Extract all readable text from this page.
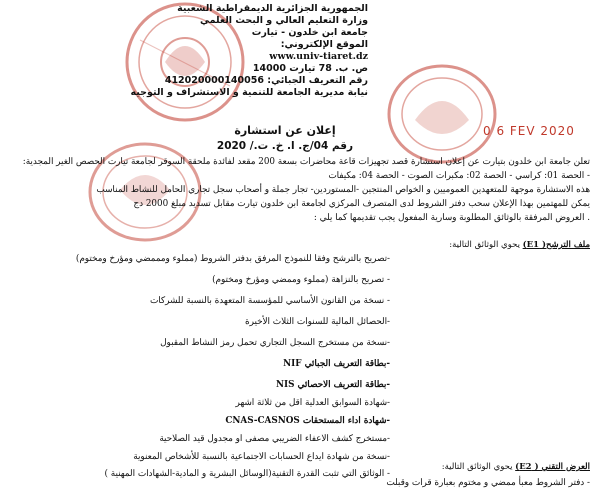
الجمهورية الجزائرية الديمقراطية الشعبية
وزارة التعليم العالي و البحث العلمي
جامعة ابن خلدون - تيارت
الموقع الإلكتروني:
www.univ-tiaret.dz
ص. ب. 78 تيارت 14000
رقم التعريف الجبائي: 412020000140056
نيابة مديرية الجامعة للتنمية و الاستشراف و التوجيه
0 6 FEV 2020
إعلان عن استشارة
رقم 04/ج. ا. خ. ت./ 2020
تعلن جامعة ابن خلدون بتيارت عن إعلان استشارة قصد تجهيزات قاعة محاضرات بسعة 200 مقعد لفائدة ملحقة السوقر لجامعة تيارت الحصص الغير المجدية:
- الحصة 01: كراسي - الحصة 02: مكبرات الصوت - الحصة 04: مكيفات
هذه الاستشارة موجهة للمتعهدين العموميين و الخواص المنتجين -المستوردين- تجار جملة و أصحاب سجل تجاري الحامل للنشاط المناسب
يمكن للمهتمين بهذا الإعلان سحب دفتر الشروط لدى المتصرف المركزي لجامعة ابن خلدون تيارت مقابل تسديد مبلغ 2000 دج
. العروض المرفقة بالوثائق المطلوبة وسارية المفعول يجب تقديمها كما يلي :
ملف الترشح( E1) يحوي الوثائق التالية:
-تصريح بالترشح وفقا للنموذج المرفق بدفتر الشروط (مملوء ومممضي ومؤرخ ومختوم)
- تصريح بالنزاهة (مملوء وممضي ومؤرخ ومختوم)
- نسخة من القانون الأساسي للمؤسسة المتعهدة بالنسبة للشركات
-الحصائل المالية للسنوات الثلاث الأخيرة
-نسخة من مستخرج السجل التجاري تحمل رمز النشاط المقبول
-بطاقة التعريف الجبائي NIF
-بطاقة التعريف الاحصائي NIS
-شهادة السوابق العدلية اقل من ثلاثة اشهر
-شهادة اداء المستحقات CNAS-CASNOS
-مستخرج كشف الاعفاء الضريبي مصفى او مجدول قيد الصلاحية
-نسخة من شهادة ايداع الحسابات الاجتماعية بالنسبة للأشخاص المعنوية
- الوثائق التي تثبت القدرة التقنية(الوسائل البشرية و المادية-الشهادات المهنية )
العرض التقني ( E2) يحوي الوثائق التالية:
- دفتر الشروط معبأ ممضي و مختوم بعبارة قرات وقبلت
